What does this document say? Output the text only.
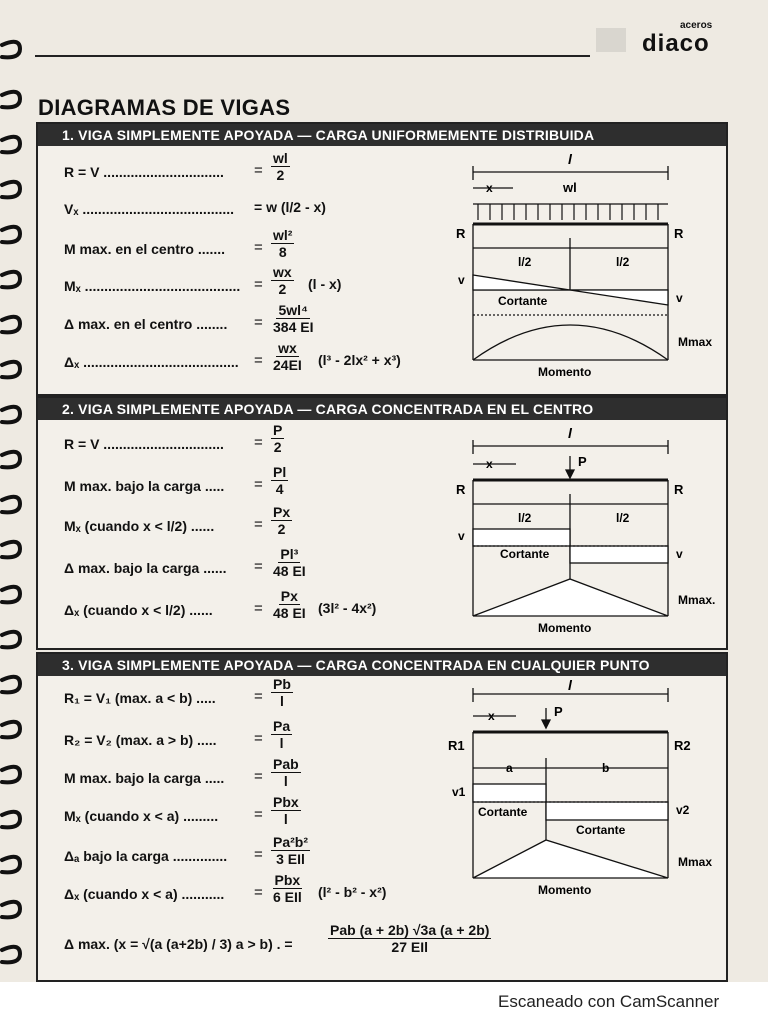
aceros
diaco
DIAGRAMAS DE VIGAS
1. VIGA SIMPLEMENTE APOYADA — CARGA UNIFORMEMENTE DISTRIBUIDA
R = V ............................... = $\frac{wl}{2}$
Vₓ ....................................... = w (l/2 - x)
M max. en el centro ....... = $\frac{\text{wl²}}{8}$
Mₓ ........................................ = $\frac{wx}{2} (l - x)$
Δ max. en el centro ........ = $\frac{\text{5wl⁴}}{384 EI}$
Δₓ ........................................ = $\frac{wx}{24EI} (l^3 - 2lx^2 + x^3)$
l
x	wl
R	R
l/2	l/2
v
v
Cortante
Mmax
Momento
2. VIGA SIMPLEMENTE APOYADA — CARGA CONCENTRADA EN EL CENTRO
R = V ............................... = $\frac{P}{2}$
M max. bajo la carga ..... = $\frac{Pl}{4}$
Mₓ (cuando x < l/2) ......	= $\frac{Px}{2}$
Δ max. bajo la carga ...... = $\frac{\text{Pl³}}{48 EI}$
Δₓ (cuando x < l/2) ......	= $\frac{Px}{48 EI} (3l^2 - 4x^2)$
l
x	P
R	R
l/2	l/2
v
v
Cortante
Mmax.
Momento
3. VIGA SIMPLEMENTE APOYADA — CARGA CONCENTRADA EN CUALQUIER PUNTO
R₁ = V₁ (max. a < b) .....	= $\frac{Pb}{l}$
R₂ = V₂ (max. a > b) .....	= $\frac{Pa}{l}$
M max. bajo la carga ..... =
Pab
l
Mₓ (cuando x < a) ......... =
Pbx
l
Δₐ bajo la carga .............. =
Pa²b²
3 EIl
Δₓ (cuando x < a) ........... =
Pbx
6 EIl (l² - b² - x²)
Δ max. (x = √(a (a+2b) / 3) a > b) . =
Pab (a + 2b) √3a (a + 2b)
27 EIl
l
x	P
R1	R2
a	b
v1
v2
Cortante
Cortante
Mmax
Momento
Escaneado con CamScanner
